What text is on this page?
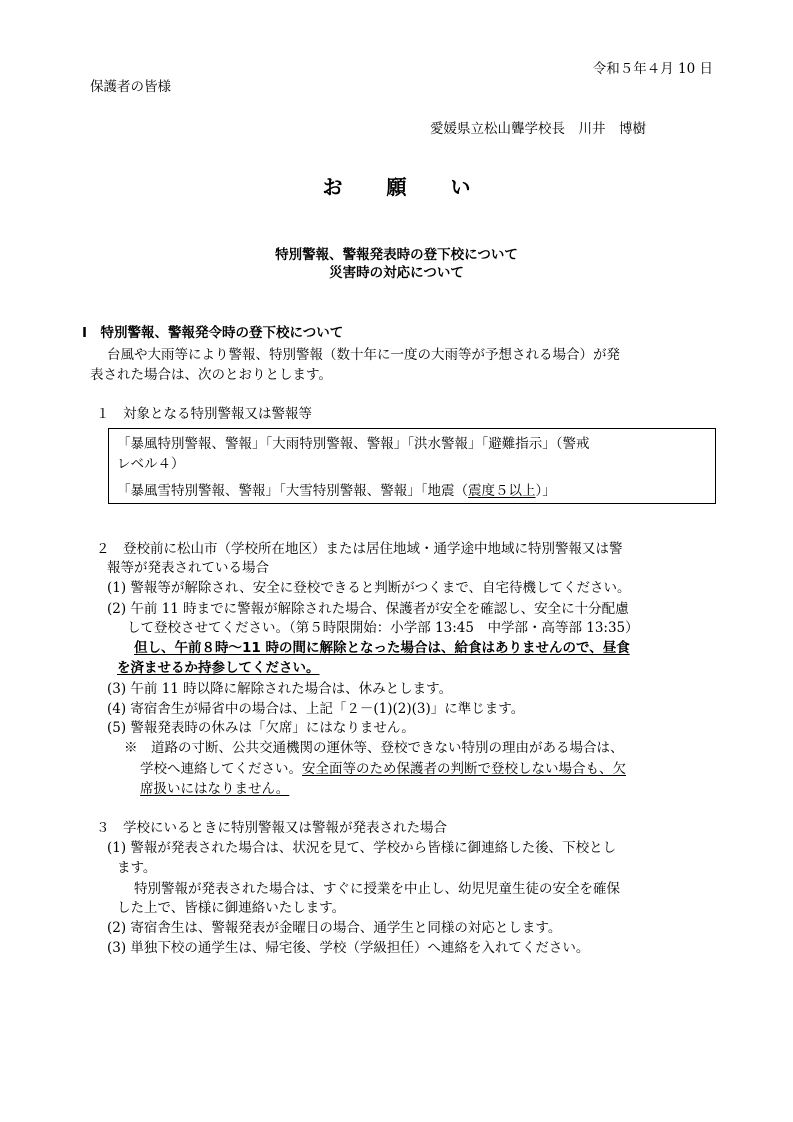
令和５年４月 10 日
保護者の皆様
愛媛県立松山聾学校長　川井　博樹
お願い
特別警報、警報発表時の登下校について
災害時の対応について
Ⅰ　特別警報、警報発令時の登下校について
台風や大雨等により警報、特別警報（数十年に一度の大雨等が予想される場合）が発
表された場合は、次のとおりとします。
１　対象となる特別警報又は警報等
「暴風特別警報、警報」「大雨特別警報、警報」「洪水警報」「避難指示」（警戒
レベル４）
「暴風雪特別警報、警報」「大雪特別警報、警報」「地震（震度５以上）」
２　登校前に松山市（学校所在地区）または居住地域・通学途中地域に特別警報又は警
報等が発表されている場合
(1) 警報等が解除され、安全に登校できると判断がつくまで、自宅待機してください。
(2) 午前 11 時までに警報が解除された場合、保護者が安全を確認し、安全に十分配慮
して登校させてください。（第５時限開始：小学部 13:45　中学部・高等部 13:35）
但し、午前８時～11 時の間に解除となった場合は、給食はありませんので、昼食
を済ませるか持参してください。
(3) 午前 11 時以降に解除された場合は、休みとします。
(4) 寄宿舎生が帰省中の場合は、上記「２－(1)(2)(3)」に準じます。
(5) 警報発表時の休みは「欠席」にはなりません。
※　道路の寸断、公共交通機関の運休等、登校できない特別の理由がある場合は、
学校へ連絡してください。安全面等のため保護者の判断で登校しない場合も、欠
席扱いにはなりません。
３　学校にいるときに特別警報又は警報が発表された場合
(1) 警報が発表された場合は、状況を見て、学校から皆様に御連絡した後、下校とし
ます。
特別警報が発表された場合は、すぐに授業を中止し、幼児児童生徒の安全を確保
した上で、皆様に御連絡いたします。
(2) 寄宿舎生は、警報発表が金曜日の場合、通学生と同様の対応とします。
(3) 単独下校の通学生は、帰宅後、学校（学級担任）へ連絡を入れてください。
